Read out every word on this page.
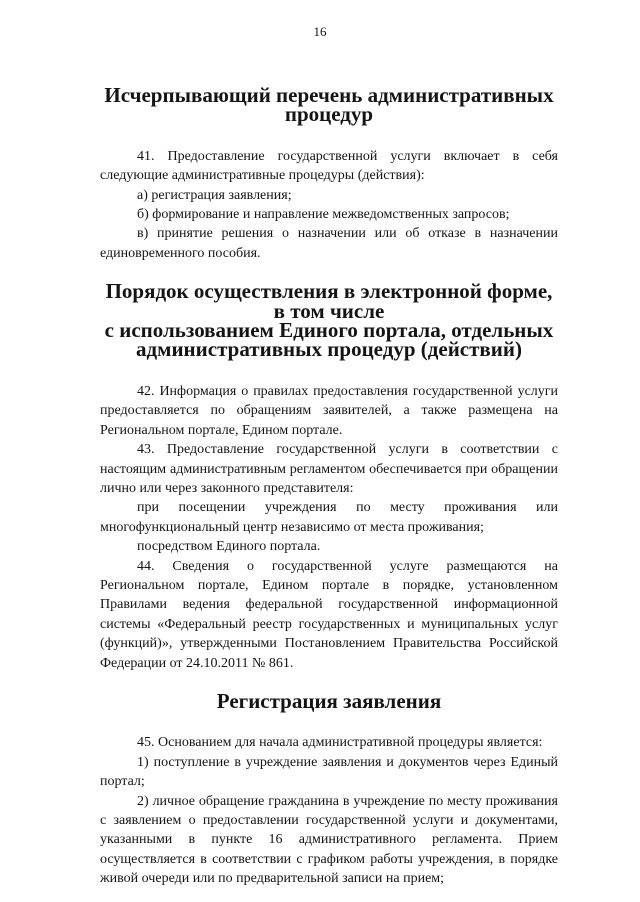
16
Исчерпывающий перечень административных процедур

41. Предоставление государственной услуги включает в себя следующие административные процедуры (действия):

а) регистрация заявления;

б) формирование и направление межведомственных запросов;

в) принятие решения о назначении или об отказе в назначении единовременного пособия.

Порядок осуществления в электронной форме, в том числе
с использованием Единого портала, отдельных
административных процедур (действий)

42. Информация о правилах предоставления государственной услуги предоставляется по обращениям заявителей, а также размещена на Региональном портале, Едином портале.

43. Предоставление государственной услуги в соответствии с настоящим административным регламентом обеспечивается при обращении лично или через законного представителя:

при посещении учреждения по месту проживания или многофункциональный центр независимо от места проживания;

посредством Единого портала.

44. Сведения о государственной услуге размещаются на Региональном портале, Едином портале в порядке, установленном Правилами ведения федеральной государственной информационной системы «Федеральный реестр государственных и муниципальных услуг (функций)», утвержденными Постановлением Правительства Российской Федерации от 24.10.2011 № 861.

Регистрация заявления

45. Основанием для начала административной процедуры является:

1) поступление в учреждение заявления и документов через Единый портал;

2) личное обращение гражданина в учреждение по месту проживания с заявлением о предоставлении государственной услуги и документами, указанными в пункте 16 административного регламента. Прием осуществляется в соответствии с графиком работы учреждения, в порядке живой очереди или по предварительной записи на прием;
